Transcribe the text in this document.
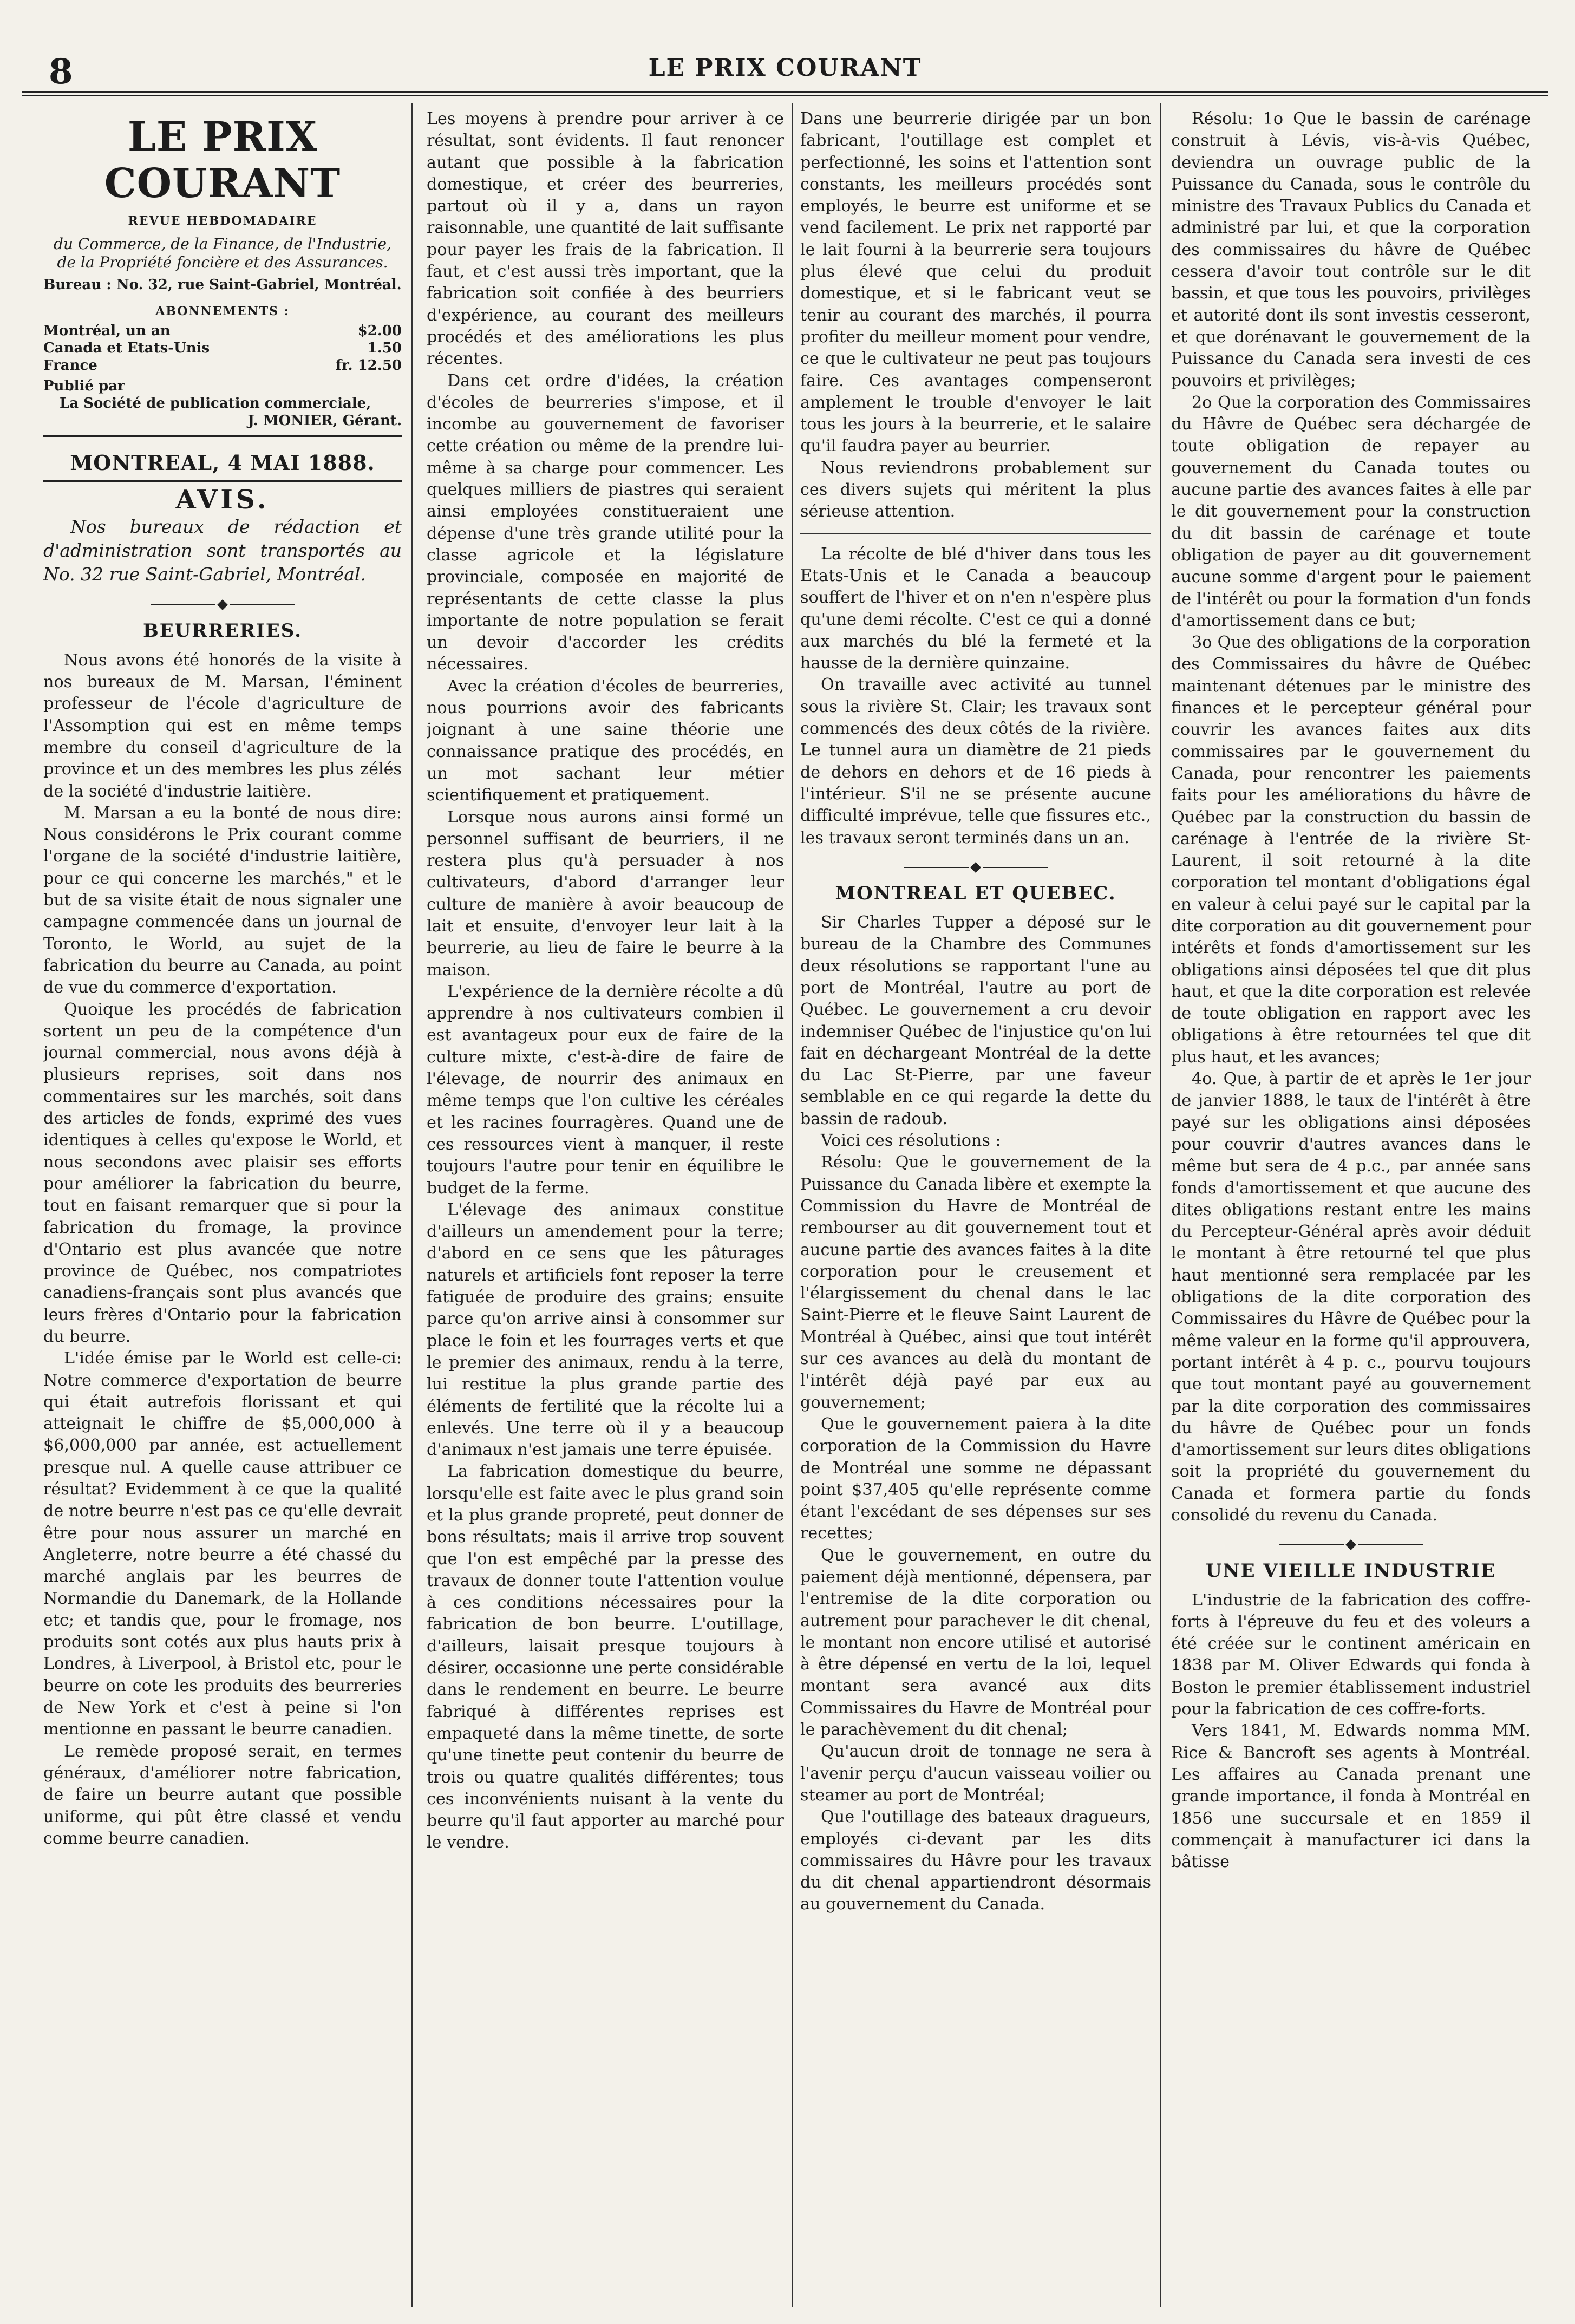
8	LE PRIX COURANT
LE PRIX COURANT
REVUE HEBDOMADAIRE
du Commerce, de la Finance, de l'Industrie, de la Propriété foncière et des Assurances.
Bureau : No. 32, rue Saint-Gabriel, Montréal.
ABONNEMENTS :
Montréal, un an	$2.00
Canada et Etats-Unis	1.50
France	fr. 12.50
Publié par
La Société de publication commerciale,
J. MONIER, Gérant.
MONTREAL, 4 MAI 1888.
AVIS.

Nos bureaux de rédaction et d'administration sont transportés au No. 32 rue Saint-Gabriel, Montréal.

BEURRERIES.

Nous avons été honorés de la visite à nos bureaux de M. Marsan, l'éminent professeur de l'école d'agriculture de l'Assomption qui est en même temps membre du conseil d'agriculture de la province et un des membres les plus zélés de la société d'industrie laitière.

M. Marsan a eu la bonté de nous dire: Nous considérons le Prix courant comme l'organe de la société d'industrie laitière, pour ce qui concerne les marchés," et le but de sa visite était de nous signaler une campagne commencée dans un journal de Toronto, le World, au sujet de la fabrication du beurre au Canada, au point de vue du commerce d'exportation.

Quoique les procédés de fabrication sortent un peu de la compétence d'un journal commercial, nous avons déjà à plusieurs reprises, soit dans nos commentaires sur les marchés, soit dans des articles de fonds, exprimé des vues identiques à celles qu'expose le World, et nous secondons avec plaisir ses efforts pour améliorer la fabrication du beurre, tout en faisant remarquer que si pour la fabrication du fromage, la province d'Ontario est plus avancée que notre province de Québec, nos compatriotes canadiens-français sont plus avancés que leurs frères d'Ontario pour la fabrication du beurre.

L'idée émise par le World est celle-ci: Notre commerce d'exportation de beurre qui était autrefois florissant et qui atteignait le chiffre de $5,000,000 à $6,000,000 par année, est actuellement presque nul. A quelle cause attribuer ce résultat? Evidemment à ce que la qualité de notre beurre n'est pas ce qu'elle devrait être pour nous assurer un marché en Angleterre, notre beurre a été chassé du marché anglais par les beurres de Normandie du Danemark, de la Hollande etc; et tandis que, pour le fromage, nos produits sont cotés aux plus hauts prix à Londres, à Liverpool, à Bristol etc, pour le beurre on cote les produits des beurreries de New York et c'est à peine si l'on mentionne en passant le beurre canadien.

Le remède proposé serait, en termes généraux, d'améliorer notre fabrication, de faire un beurre autant que possible uniforme, qui pût être classé et vendu comme beurre canadien.

Les moyens à prendre pour arriver à ce résultat, sont évidents. Il faut renoncer autant que possible à la fabrication domestique, et créer des beurreries, partout où il y a, dans un rayon raisonnable, une quantité de lait suffisante pour payer les frais de la fabrication. Il faut, et c'est aussi très important, que la fabrication soit confiée à des beurriers d'expérience, au courant des meilleurs procédés et des améliorations les plus récentes.

Dans cet ordre d'idées, la création d'écoles de beurreries s'impose, et il incombe au gouvernement de favoriser cette création ou même de la prendre lui-même à sa charge pour commencer. Les quelques milliers de piastres qui seraient ainsi employées constitueraient une dépense d'une très grande utilité pour la classe agricole et la législature provinciale, composée en majorité de représentants de cette classe la plus importante de notre population se ferait un devoir d'accorder les crédits nécessaires.

Avec la création d'écoles de beurreries, nous pourrions avoir des fabricants joignant à une saine théorie une connaissance pratique des procédés, en un mot sachant leur métier scientifiquement et pratiquement.

Lorsque nous aurons ainsi formé un personnel suffisant de beurriers, il ne restera plus qu'à persuader à nos cultivateurs, d'abord d'arranger leur culture de manière à avoir beaucoup de lait et ensuite, d'envoyer leur lait à la beurrerie, au lieu de faire le beurre à la maison.

L'expérience de la dernière récolte a dû apprendre à nos cultivateurs combien il est avantageux pour eux de faire de la culture mixte, c'est-à-dire de faire de l'élevage, de nourrir des animaux en même temps que l'on cultive les céréales et les racines fourragères. Quand une de ces ressources vient à manquer, il reste toujours l'autre pour tenir en équilibre le budget de la ferme.

L'élevage des animaux constitue d'ailleurs un amendement pour la terre; d'abord en ce sens que les pâturages naturels et artificiels font reposer la terre fatiguée de produire des grains; ensuite parce qu'on arrive ainsi à consommer sur place le foin et les fourrages verts et que le premier des animaux, rendu à la terre, lui restitue la plus grande partie des éléments de fertilité que la récolte lui a enlevés. Une terre où il y a beaucoup d'animaux n'est jamais une terre épuisée.

La fabrication domestique du beurre, lorsqu'elle est faite avec le plus grand soin et la plus grande propreté, peut donner de bons résultats; mais il arrive trop souvent que l'on est empêché par la presse des travaux de donner toute l'attention voulue à ces conditions nécessaires pour la fabrication de bon beurre. L'outillage, d'ailleurs, laisait presque toujours à désirer, occasionne une perte considérable dans le rendement en beurre. Le beurre fabriqué à différentes reprises est empaqueté dans la même tinette, de sorte qu'une tinette peut contenir du beurre de trois ou quatre qualités différentes; tous ces inconvénients nuisant à la vente du beurre qu'il faut apporter au marché pour le vendre.

Dans une beurrerie dirigée par un bon fabricant, l'outillage est complet et perfectionné, les soins et l'attention sont constants, les meilleurs procédés sont employés, le beurre est uniforme et se vend facilement. Le prix net rapporté par le lait fourni à la beurrerie sera toujours plus élevé que celui du produit domestique, et si le fabricant veut se tenir au courant des marchés, il pourra profiter du meilleur moment pour vendre, ce que le cultivateur ne peut pas toujours faire. Ces avantages compenseront amplement le trouble d'envoyer le lait tous les jours à la beurrerie, et le salaire qu'il faudra payer au beurrier.

Nous reviendrons probablement sur ces divers sujets qui méritent la plus sérieuse attention.

La récolte de blé d'hiver dans tous les Etats-Unis et le Canada a beaucoup souffert de l'hiver et on n'en n'espère plus qu'une demi récolte. C'est ce qui a donné aux marchés du blé la fermeté et la hausse de la dernière quinzaine.

On travaille avec activité au tunnel sous la rivière St. Clair; les travaux sont commencés des deux côtés de la rivière. Le tunnel aura un diamètre de 21 pieds de dehors en dehors et de 16 pieds à l'intérieur. S'il ne se présente aucune difficulté imprévue, telle que fissures etc., les travaux seront terminés dans un an.

MONTREAL ET QUEBEC.

Sir Charles Tupper a déposé sur le bureau de la Chambre des Communes deux résolutions se rapportant l'une au port de Montréal, l'autre au port de Québec. Le gouvernement a cru devoir indemniser Québec de l'injustice qu'on lui fait en déchargeant Montréal de la dette du Lac St-Pierre, par une faveur semblable en ce qui regarde la dette du bassin de radoub.

Voici ces résolutions :

Résolu: Que le gouvernement de la Puissance du Canada libère et exempte la Commission du Havre de Montréal de rembourser au dit gouvernement tout et aucune partie des avances faites à la dite corporation pour le creusement et l'élargissement du chenal dans le lac Saint-Pierre et le fleuve Saint Laurent de Montréal à Québec, ainsi que tout intérêt sur ces avances au delà du montant de l'intérêt déjà payé par eux au gouvernement;

Que le gouvernement paiera à la dite corporation de la Commission du Havre de Montréal une somme ne dépassant point $37,405 qu'elle représente comme étant l'excédant de ses dépenses sur ses recettes;

Que le gouvernement, en outre du paiement déjà mentionné, dépensera, par l'entremise de la dite corporation ou autrement pour parachever le dit chenal, le montant non encore utilisé et autorisé à être dépensé en vertu de la loi, lequel montant sera avancé aux dits Commissaires du Havre de Montréal pour le parachèvement du dit chenal;

Qu'aucun droit de tonnage ne sera à l'avenir perçu d'aucun vaisseau voilier ou steamer au port de Montréal;

Que l'outillage des bateaux dragueurs, employés ci-devant par les dits commissaires du Hâvre pour les travaux du dit chenal appartiendront désormais au gouvernement du Canada.

Résolu: 1o Que le bassin de carénage construit à Lévis, vis-à-vis Québec, deviendra un ouvrage public de la Puissance du Canada, sous le contrôle du ministre des Travaux Publics du Canada et administré par lui, et que la corporation des commissaires du hâvre de Québec cessera d'avoir tout contrôle sur le dit bassin, et que tous les pouvoirs, privilèges et autorité dont ils sont investis cesseront, et que dorénavant le gouvernement de la Puissance du Canada sera investi de ces pouvoirs et privilèges;

2o Que la corporation des Commissaires du Hâvre de Québec sera déchargée de toute obligation de repayer au gouvernement du Canada toutes ou aucune partie des avances faites à elle par le dit gouvernement pour la construction du dit bassin de carénage et toute obligation de payer au dit gouvernement aucune somme d'argent pour le paiement de l'intérêt ou pour la formation d'un fonds d'amortissement dans ce but;

3o Que des obligations de la corporation des Commissaires du hâvre de Québec maintenant détenues par le ministre des finances et le percepteur général pour couvrir les avances faites aux dits commissaires par le gouvernement du Canada, pour rencontrer les paiements faits pour les améliorations du hâvre de Québec par la construction du bassin de carénage à l'entrée de la rivière St-Laurent, il soit retourné à la dite corporation tel montant d'obligations égal en valeur à celui payé sur le capital par la dite corporation au dit gouvernement pour intérêts et fonds d'amortissement sur les obligations ainsi déposées tel que dit plus haut, et que la dite corporation est relevée de toute obligation en rapport avec les obligations à être retournées tel que dit plus haut, et les avances;

4o. Que, à partir de et après le 1er jour de janvier 1888, le taux de l'intérêt à être payé sur les obligations ainsi déposées pour couvrir d'autres avances dans le même but sera de 4 p.c., par année sans fonds d'amortissement et que aucune des dites obligations restant entre les mains du Percepteur-Général après avoir déduit le montant à être retourné tel que plus haut mentionné sera remplacée par les obligations de la dite corporation des Commissaires du Hâvre de Québec pour la même valeur en la forme qu'il approuvera, portant intérêt à 4 p. c., pourvu toujours que tout montant payé au gouvernement par la dite corporation des commissaires du hâvre de Québec pour un fonds d'amortissement sur leurs dites obligations soit la propriété du gouvernement du Canada et formera partie du fonds consolidé du revenu du Canada.

UNE VIEILLE INDUSTRIE

L'industrie de la fabrication des coffre-forts à l'épreuve du feu et des voleurs a été créée sur le continent américain en 1838 par M. Oliver Edwards qui fonda à Boston le premier établissement industriel pour la fabrication de ces coffre-forts.

Vers 1841, M. Edwards nomma MM. Rice & Bancroft ses agents à Montréal. Les affaires au Canada prenant une grande importance, il fonda à Montréal en 1856 une succursale et en 1859 il commençait à manufacturer ici dans la bâtisse
